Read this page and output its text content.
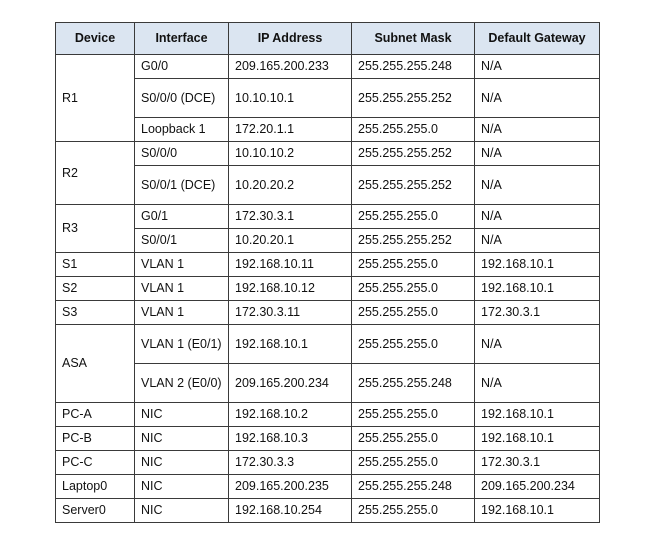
Device	Interface	IP Address	Subnet Mask	Default Gateway
R1	G0/0	209.165.200.233	255.255.255.248	N/A
	S0/0/0 (DCE)	10.10.10.1	255.255.255.252	N/A
	Loopback 1	172.20.1.1	255.255.255.0	N/A
R2	S0/0/0	10.10.10.2	255.255.255.252	N/A
	S0/0/1 (DCE)	10.20.20.2	255.255.255.252	N/A
R3	G0/1	172.30.3.1	255.255.255.0	N/A
	S0/0/1	10.20.20.1	255.255.255.252	N/A
S1	VLAN 1	192.168.10.11	255.255.255.0	192.168.10.1
S2	VLAN 1	192.168.10.12	255.255.255.0	192.168.10.1
S3	VLAN 1	172.30.3.11	255.255.255.0	172.30.3.1
ASA	VLAN 1 (E0/1)	192.168.10.1	255.255.255.0	N/A
	VLAN 2 (E0/0)	209.165.200.234	255.255.255.248	N/A
PC-A	NIC	192.168.10.2	255.255.255.0	192.168.10.1
PC-B	NIC	192.168.10.3	255.255.255.0	192.168.10.1
PC-C	NIC	172.30.3.3	255.255.255.0	172.30.3.1
Laptop0	NIC	209.165.200.235	255.255.255.248	209.165.200.234
Server0	NIC	192.168.10.254	255.255.255.0	192.168.10.1
